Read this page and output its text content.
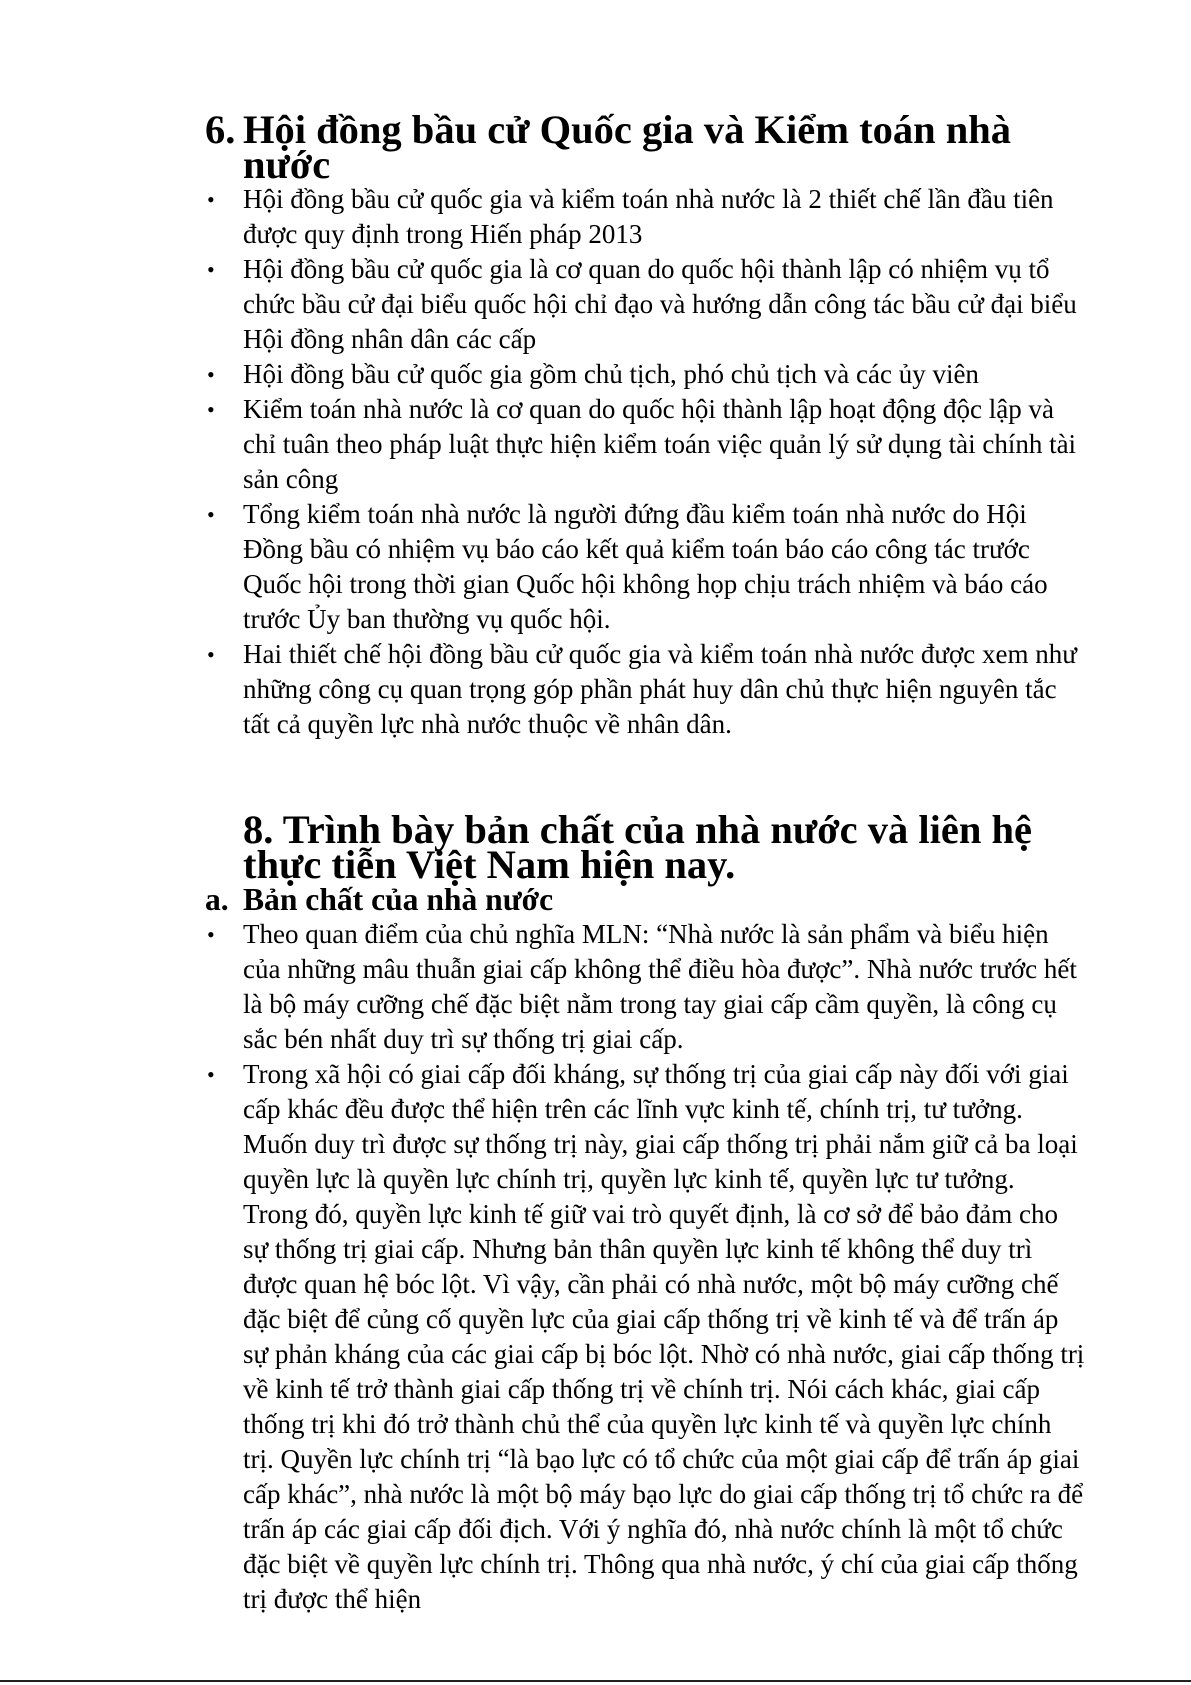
6. Hội đồng bầu cử Quốc gia và Kiểm toán nhà nước
• Hội đồng bầu cử quốc gia và kiểm toán nhà nước là 2 thiết chế lần đầu tiên được quy định trong Hiến pháp 2013
• Hội đồng bầu cử quốc gia là cơ quan do quốc hội thành lập có nhiệm vụ tổ chức bầu cử đại biểu quốc hội chỉ đạo và hướng dẫn công tác bầu cử đại biểu Hội đồng nhân dân các cấp
• Hội đồng bầu cử quốc gia gồm chủ tịch, phó chủ tịch và các ủy viên
• Kiểm toán nhà nước là cơ quan do quốc hội thành lập hoạt động độc lập và chỉ tuân theo pháp luật thực hiện kiểm toán việc quản lý sử dụng tài chính tài sản công
• Tổng kiểm toán nhà nước là người đứng đầu kiểm toán nhà nước do Hội Đồng bầu có nhiệm vụ báo cáo kết quả kiểm toán báo cáo công tác trước Quốc hội trong thời gian Quốc hội không họp chịu trách nhiệm và báo cáo trước Ủy ban thường vụ quốc hội.
• Hai thiết chế hội đồng bầu cử quốc gia và kiểm toán nhà nước được xem như những công cụ quan trọng góp phần phát huy dân chủ thực hiện nguyên tắc tất cả quyền lực nhà nước thuộc về nhân dân.
8. Trình bày bản chất của nhà nước và liên hệ thực tiễn Việt Nam hiện nay.
a. Bản chất của nhà nước
• Theo quan điểm của chủ nghĩa MLN: “Nhà nước là sản phẩm và biểu hiện của những mâu thuẫn giai cấp không thể điều hòa được”. Nhà nước trước hết là bộ máy cưỡng chế đặc biệt nằm trong tay giai cấp cầm quyền, là công cụ sắc bén nhất duy trì sự thống trị giai cấp.
• Trong xã hội có giai cấp đối kháng, sự thống trị của giai cấp này đối với giai cấp khác đều được thể hiện trên các lĩnh vực kinh tế, chính trị, tư tưởng. Muốn duy trì được sự thống trị này, giai cấp thống trị phải nắm giữ cả ba loại quyền lực là quyền lực chính trị, quyền lực kinh tế, quyền lực tư tưởng. Trong đó, quyền lực kinh tế giữ vai trò quyết định, là cơ sở để bảo đảm cho sự thống trị giai cấp. Nhưng bản thân quyền lực kinh tế không thể duy trì được quan hệ bóc lột. Vì vậy, cần phải có nhà nước, một bộ máy cưỡng chế đặc biệt để củng cố quyền lực của giai cấp thống trị về kinh tế và để trấn áp sự phản kháng của các giai cấp bị bóc lột. Nhờ có nhà nước, giai cấp thống trị về kinh tế trở thành giai cấp thống trị về chính trị. Nói cách khác, giai cấp thống trị khi đó trở thành chủ thể của quyền lực kinh tế và quyền lực chính trị. Quyền lực chính trị “là bạo lực có tổ chức của một giai cấp để trấn áp giai cấp khác”, nhà nước là một bộ máy bạo lực do giai cấp thống trị tổ chức ra để trấn áp các giai cấp đối địch. Với ý nghĩa đó, nhà nước chính là một tổ chức đặc biệt về quyền lực chính trị. Thông qua nhà nước, ý chí của giai cấp thống trị được thể hiện
